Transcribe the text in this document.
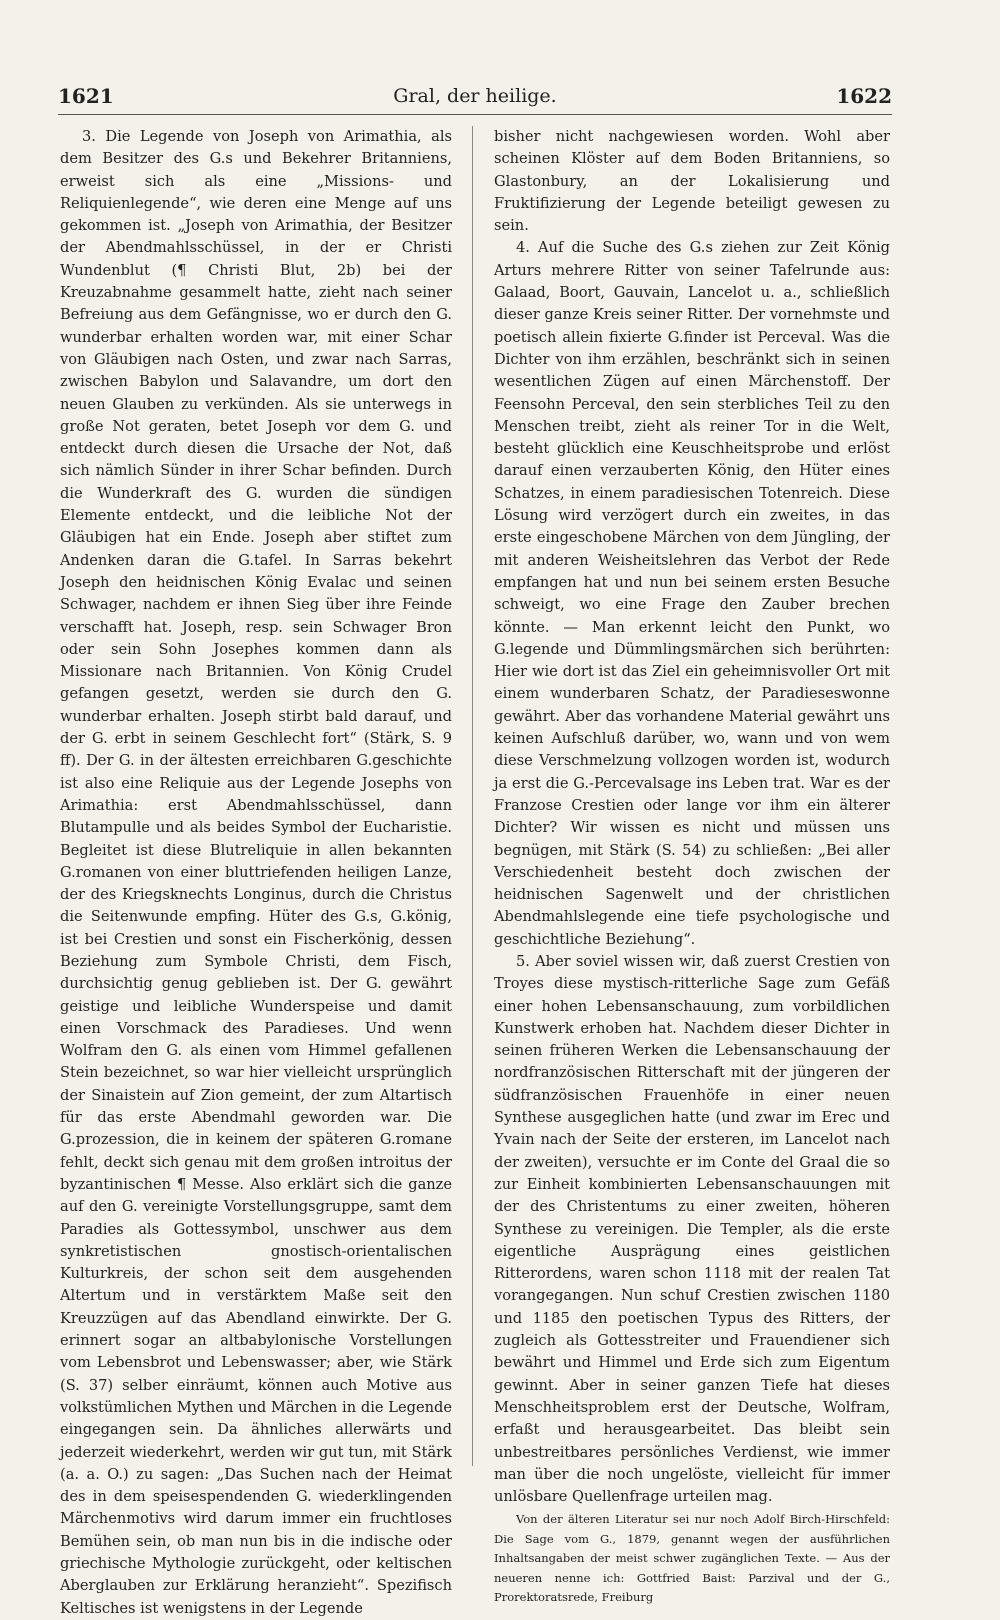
1621	Gral, der heilige.	1622

3. Die Legende von Joseph von Arimathia, als dem Besitzer des G.s und Bekehrer Britanniens, erweist sich als eine „Missions- und Reliquienlegende“, wie deren eine Menge auf uns gekommen ist. „Joseph von Arimathia, der Besitzer der Abendmahlsschüssel, in der er Christi Wundenblut (¶ Christi Blut, 2b) bei der Kreuzabnahme gesammelt hatte, zieht nach seiner Befreiung aus dem Gefängnisse, wo er durch den G. wunderbar erhalten worden war, mit einer Schar von Gläubigen nach Osten, und zwar nach Sarras, zwischen Babylon und Salavandre, um dort den neuen Glauben zu verkünden. Als sie unterwegs in große Not geraten, betet Joseph vor dem G. und entdeckt durch diesen die Ursache der Not, daß sich nämlich Sünder in ihrer Schar befinden. Durch die Wunderkraft des G. wurden die sündigen Elemente entdeckt, und die leibliche Not der Gläubigen hat ein Ende. Joseph aber stiftet zum Andenken daran die G.tafel. In Sarras bekehrt Joseph den heidnischen König Evalac und seinen Schwager, nachdem er ihnen Sieg über ihre Feinde verschafft hat. Joseph, resp. sein Schwager Bron oder sein Sohn Josephes kommen dann als Missionare nach Britannien. Von König Crudel gefangen gesetzt, werden sie durch den G. wunderbar erhalten. Joseph stirbt bald darauf, und der G. erbt in seinem Geschlecht fort“ (Stärk, S. 9 ff). Der G. in der ältesten erreichbaren G.geschichte ist also eine Reliquie aus der Legende Josephs von Arimathia: erst Abendmahlsschüssel, dann Blutampulle und als beides Symbol der Eucharistie. Begleitet ist diese Blutreliquie in allen bekannten G.romanen von einer bluttriefenden heiligen Lanze, der des Kriegsknechts Longinus, durch die Christus die Seitenwunde empfing. Hüter des G.s, G.könig, ist bei Crestien und sonst ein Fischerkönig, dessen Beziehung zum Symbole Christi, dem Fisch, durchsichtig genug geblieben ist. Der G. gewährt geistige und leibliche Wunderspeise und damit einen Vorschmack des Paradieses. Und wenn Wolfram den G. als einen vom Himmel gefallenen Stein bezeichnet, so war hier vielleicht ursprünglich der Sinaistein auf Zion gemeint, der zum Altartisch für das erste Abendmahl geworden war. Die G.prozession, die in keinem der späteren G.romane fehlt, deckt sich genau mit dem großen introitus der byzantinischen ¶ Messe. Also erklärt sich die ganze auf den G. vereinigte Vorstellungsgruppe, samt dem Paradies als Gottessymbol, unschwer aus dem synkretistischen gnostisch-orientalischen Kulturkreis, der schon seit dem ausgehenden Altertum und in verstärktem Maße seit den Kreuzzügen auf das Abendland einwirkte. Der G. erinnert sogar an altbabylonische Vorstellungen vom Lebensbrot und Lebenswasser; aber, wie Stärk (S. 37) selber einräumt, können auch Motive aus volkstümlichen Mythen und Märchen in die Legende eingegangen sein. Da ähnliches allerwärts und jederzeit wiederkehrt, werden wir gut tun, mit Stärk (a. a. O.) zu sagen: „Das Suchen nach der Heimat des in dem speisespendenden G. wiederklingenden Märchenmotivs wird darum immer ein fruchtloses Bemühen sein, ob man nun bis in die indische oder griechische Mythologie zurückgeht, oder keltischen Aberglauben zur Erklärung heranzieht“. Spezifisch Keltisches ist wenigstens in der Legende

bisher nicht nachgewiesen worden. Wohl aber scheinen Klöster auf dem Boden Britanniens, so Glastonbury, an der Lokalisierung und Fruktifizierung der Legende beteiligt gewesen zu sein.

4. Auf die Suche des G.s ziehen zur Zeit König Arturs mehrere Ritter von seiner Tafelrunde aus: Galaad, Boort, Gauvain, Lancelot u. a., schließlich dieser ganze Kreis seiner Ritter. Der vornehmste und poetisch allein fixierte G.finder ist Perceval. Was die Dichter von ihm erzählen, beschränkt sich in seinen wesentlichen Zügen auf einen Märchenstoff. Der Feensohn Perceval, den sein sterbliches Teil zu den Menschen treibt, zieht als reiner Tor in die Welt, besteht glücklich eine Keuschheitsprobe und erlöst darauf einen verzauberten König, den Hüter eines Schatzes, in einem paradiesischen Totenreich. Diese Lösung wird verzögert durch ein zweites, in das erste eingeschobene Märchen von dem Jüngling, der mit anderen Weisheitslehren das Verbot der Rede empfangen hat und nun bei seinem ersten Besuche schweigt, wo eine Frage den Zauber brechen könnte. — Man erkennt leicht den Punkt, wo G.legende und Dümmlingsmärchen sich berührten: Hier wie dort ist das Ziel ein geheimnisvoller Ort mit einem wunderbaren Schatz, der Paradieseswonne gewährt. Aber das vorhandene Material gewährt uns keinen Aufschluß darüber, wo, wann und von wem diese Verschmelzung vollzogen worden ist, wodurch ja erst die G.-Percevalsage ins Leben trat. War es der Franzose Crestien oder lange vor ihm ein älterer Dichter? Wir wissen es nicht und müssen uns begnügen, mit Stärk (S. 54) zu schließen: „Bei aller Verschiedenheit besteht doch zwischen der heidnischen Sagenwelt und der christlichen Abendmahlslegende eine tiefe psychologische und geschichtliche Beziehung“.

5. Aber soviel wissen wir, daß zuerst Crestien von Troyes diese mystisch-ritterliche Sage zum Gefäß einer hohen Lebensanschauung, zum vorbildlichen Kunstwerk erhoben hat. Nachdem dieser Dichter in seinen früheren Werken die Lebensanschauung der nordfranzösischen Ritterschaft mit der jüngeren der südfranzösischen Frauenhöfe in einer neuen Synthese ausgeglichen hatte (und zwar im Erec und Yvain nach der Seite der ersteren, im Lancelot nach der zweiten), versuchte er im Conte del Graal die so zur Einheit kombinierten Lebensanschauungen mit der des Christentums zu einer zweiten, höheren Synthese zu vereinigen. Die Templer, als die erste eigentliche Ausprägung eines geistlichen Ritterordens, waren schon 1118 mit der realen Tat vorangegangen. Nun schuf Crestien zwischen 1180 und 1185 den poetischen Typus des Ritters, der zugleich als Gottesstreiter und Frauendiener sich bewährt und Himmel und Erde sich zum Eigentum gewinnt. Aber in seiner ganzen Tiefe hat dieses Menschheitsproblem erst der Deutsche, Wolfram, erfaßt und herausgearbeitet. Das bleibt sein unbestreitbares persönliches Verdienst, wie immer man über die noch ungelöste, vielleicht für immer unlösbare Quellenfrage urteilen mag.

Von der älteren Literatur sei nur noch Adolf Birch-Hirschfeld: Die Sage vom G., 1879, genannt wegen der ausführlichen Inhaltsangaben der meist schwer zugänglichen Texte. — Aus der neueren nenne ich: Gottfried Baist: Parzival und der G., Prorektoratsrede, Freiburg
